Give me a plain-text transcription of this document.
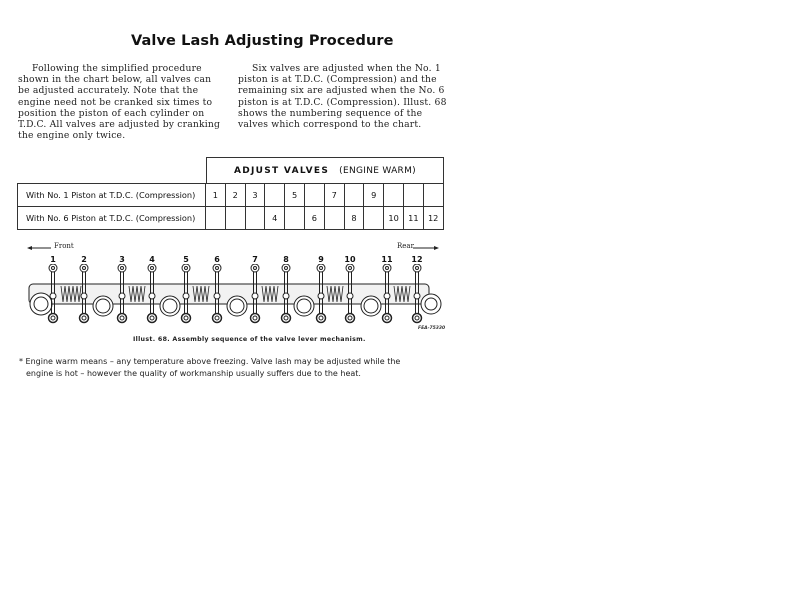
Valve Lash Adjusting Procedure
Following the simplified procedure shown in the chart below, all valves can be adjusted accurately. Note that the engine need not be cranked six times to position the piston of each cylinder on T.D.C. All valves are adjusted by cranking the engine only twice.
Six valves are adjusted when the No. 1 piston is at T.D.C. (Compression) and the remaining six are adjusted when the No. 6 piston is at T.D.C. (Compression). Illust. 68 shows the numbering sequence of the valves which correspond to the chart.
ADJUST VALVES (ENGINE WARM)
With No. 1 Piston at T.D.C. (Compression)	1	2	3		5		7		9			
With No. 6 Piston at T.D.C. (Compression)				4		6		8		10	11	12
Front	Rear
1	2	3	4	5	6	7	8	9	10	11 12
FEA-75330
Illust. 68. Assembly sequence of the valve lever mechanism.
* Engine warm means – any temperature above freezing. Valve lash may be adjusted while the
engine is hot – however the quality of workmanship usually suffers due to the heat.
